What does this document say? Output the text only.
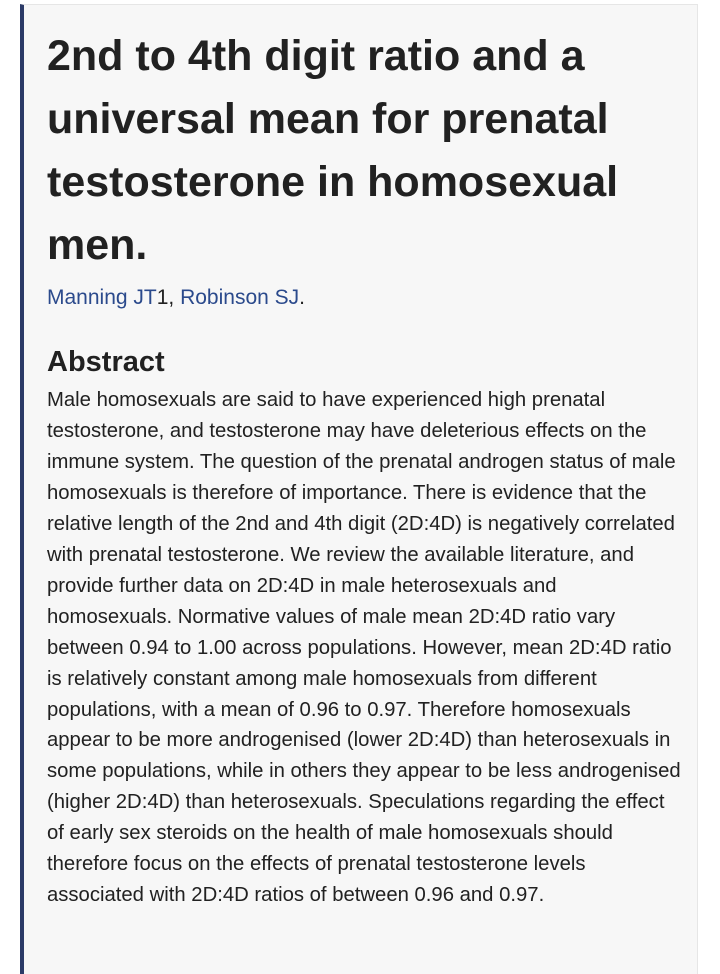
2nd to 4th digit ratio and a universal mean for prenatal testosterone in homosexual men.
Manning JT1, Robinson SJ.
Abstract

Male homosexuals are said to have experienced high prenatal testosterone, and testosterone may have deleterious effects on the immune system. The question of the prenatal androgen status of male homosexuals is therefore of importance. There is evidence that the relative length of the 2nd and 4th digit (2D:4D) is negatively correlated with prenatal testosterone. We review the available literature, and provide further data on 2D:4D in male heterosexuals and homosexuals. Normative values of male mean 2D:4D ratio vary between 0.94 to 1.00 across populations. However, mean 2D:4D ratio is relatively constant among male homosexuals from different populations, with a mean of 0.96 to 0.97. Therefore homosexuals appear to be more androgenised (lower 2D:4D) than heterosexuals in some populations, while in others they appear to be less androgenised (higher 2D:4D) than heterosexuals. Speculations regarding the effect of early sex steroids on the health of male homosexuals should therefore focus on the effects of prenatal testosterone levels associated with 2D:4D ratios of between 0.96 and 0.97.
